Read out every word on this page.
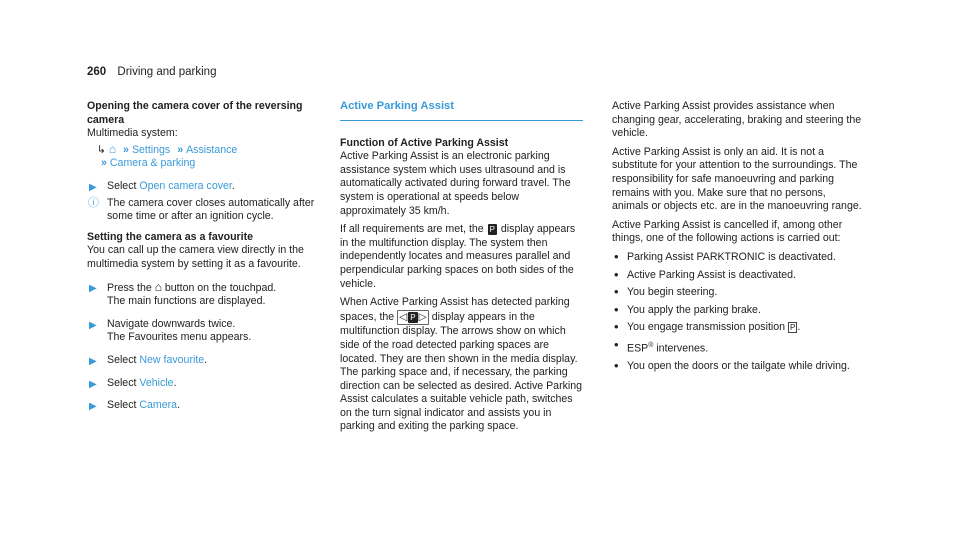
260 Driving and parking

Opening the camera cover of the reversing camera

Multimedia system:

↳ ⌂ » Settings » Assistance
» Camera & parking
▶ Select Open camera cover.
ⓘ The camera cover closes automatically after some time or after an ignition cycle.
Setting the camera as a favourite

You can call up the camera view directly in the multimedia system by setting it as a favourite.

▶ Press the ⌂ button on the touchpad.
The main functions are displayed.
▶ Navigate downwards twice.
The Favourites menu appears.
▶ Select New favourite.
▶ Select Vehicle.
▶ Select Camera.
Active Parking Assist

Function of Active Parking Assist

Active Parking Assist is an electronic parking assistance system which uses ultrasound and is automatically activated during forward travel. The system is operational at speeds below approximately 35 km/h.

If all requirements are met, the P display appears in the multifunction display. The system then independently locates and measures parallel and perpendicular parking spaces on both sides of the vehicle.

When Active Parking Assist has detected parking spaces, the ◁ P ▷ display appears in the multifunction display. The arrows show on which side of the road detected parking spaces are located. They are then shown in the media display. The parking space and, if necessary, the parking direction can be selected as desired. Active Parking Assist calculates a suitable vehicle path, switches on the turn signal indicator and assists you in parking and exiting the parking space.

Active Parking Assist provides assistance when changing gear, accelerating, braking and steering the vehicle.

Active Parking Assist is only an aid. It is not a substitute for your attention to the surroundings. The responsibility for safe manoeuvring and parking remains with you. Make sure that no persons, animals or objects etc. are in the manoeuvring range.

Active Parking Assist is cancelled if, among other things, one of the following actions is carried out:

• Parking Assist PARKTRONIC is deactivated.
• Active Parking Assist is deactivated.
• You begin steering.
• You apply the parking brake.
• You engage transmission position P .
• ESP® intervenes.
• You open the doors or the tailgate while driving.
